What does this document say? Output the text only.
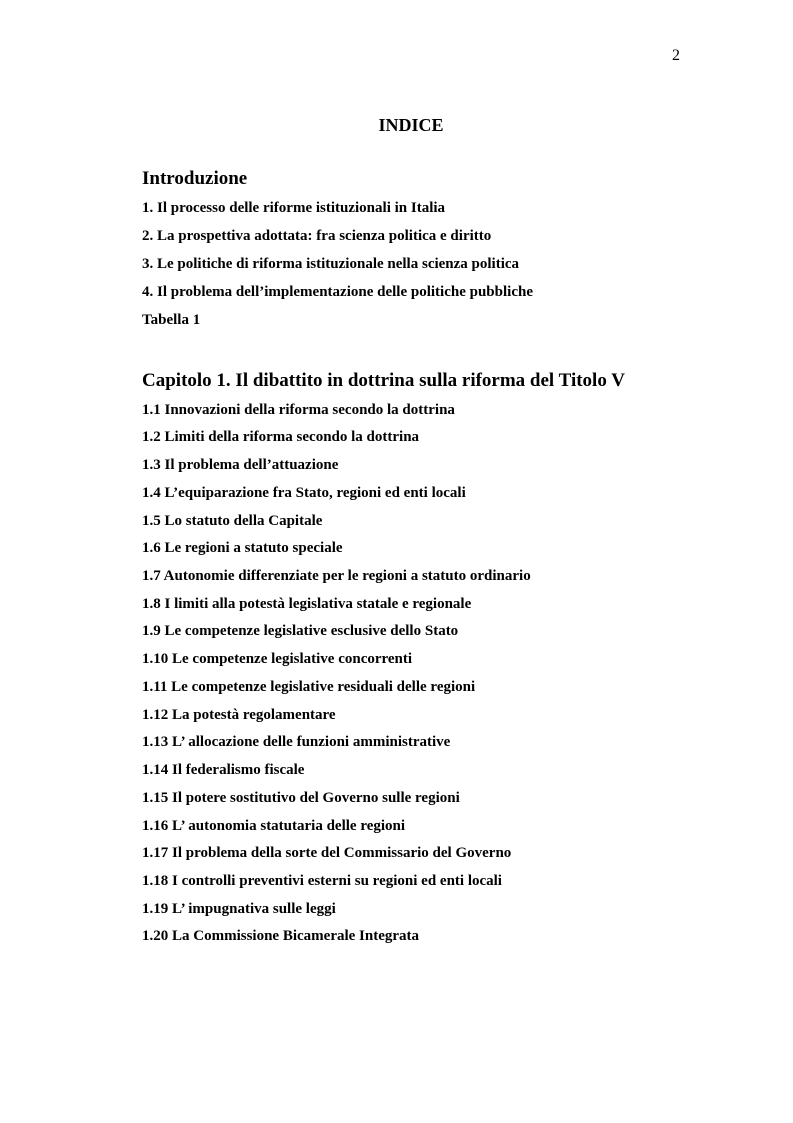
2
INDICE
Introduzione
1. Il processo delle riforme istituzionali in Italia
2. La prospettiva adottata: fra scienza politica e diritto
3. Le politiche di riforma istituzionale nella scienza politica
4. Il problema dell’implementazione delle politiche pubbliche
Tabella 1
Capitolo 1. Il dibattito in dottrina sulla riforma del Titolo V
1.1 Innovazioni della riforma secondo la dottrina
1.2 Limiti della riforma secondo la dottrina
1.3 Il problema dell’attuazione
1.4 L’equiparazione fra Stato, regioni ed enti locali
1.5 Lo statuto della Capitale
1.6 Le regioni a statuto speciale
1.7 Autonomie differenziate per le regioni a statuto ordinario
1.8 I limiti alla potestà legislativa statale e regionale
1.9 Le competenze legislative esclusive dello Stato
1.10 Le competenze legislative concorrenti
1.11 Le competenze legislative residuali delle regioni
1.12 La potestà regolamentare
1.13 L’ allocazione delle funzioni amministrative
1.14 Il federalismo fiscale
1.15 Il potere sostitutivo del Governo sulle regioni
1.16 L’ autonomia statutaria delle regioni
1.17 Il problema della sorte del Commissario del Governo
1.18 I controlli preventivi esterni su regioni ed enti locali
1.19 L’ impugnativa sulle leggi
1.20 La Commissione Bicamerale Integrata
